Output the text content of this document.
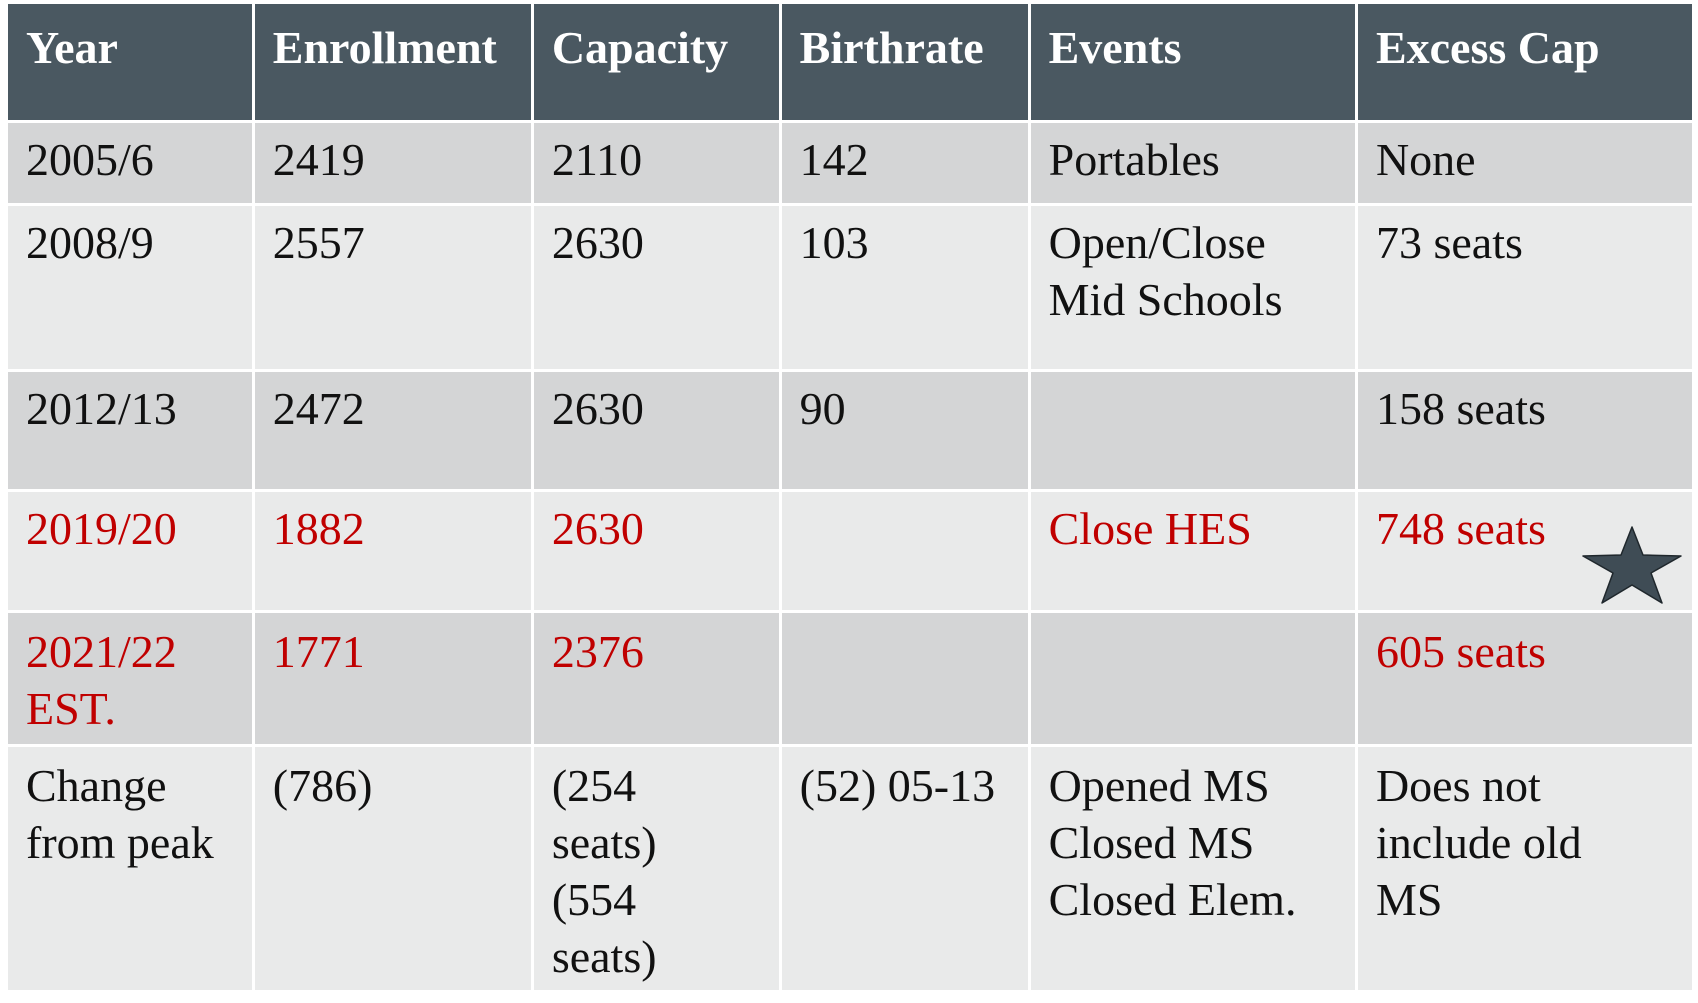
Year	Enrollment	Capacity	Birthrate	Events	Excess Cap

2005/6	2419	2110	142	Portables	None

2008/9	2557	2630	103	Open/Close
Mid Schools	73 seats

2012/13	2472	2630	90		158 seats

2019/20	1882	2630		Close HES	748 seats

2021/22
EST.	1771	2376			605 seats

Change
from peak	(786)	(254
seats)
(554
seats)	(52) 05-13	Opened MS
Closed MS
Closed Elem.	Does not
include old
MS
